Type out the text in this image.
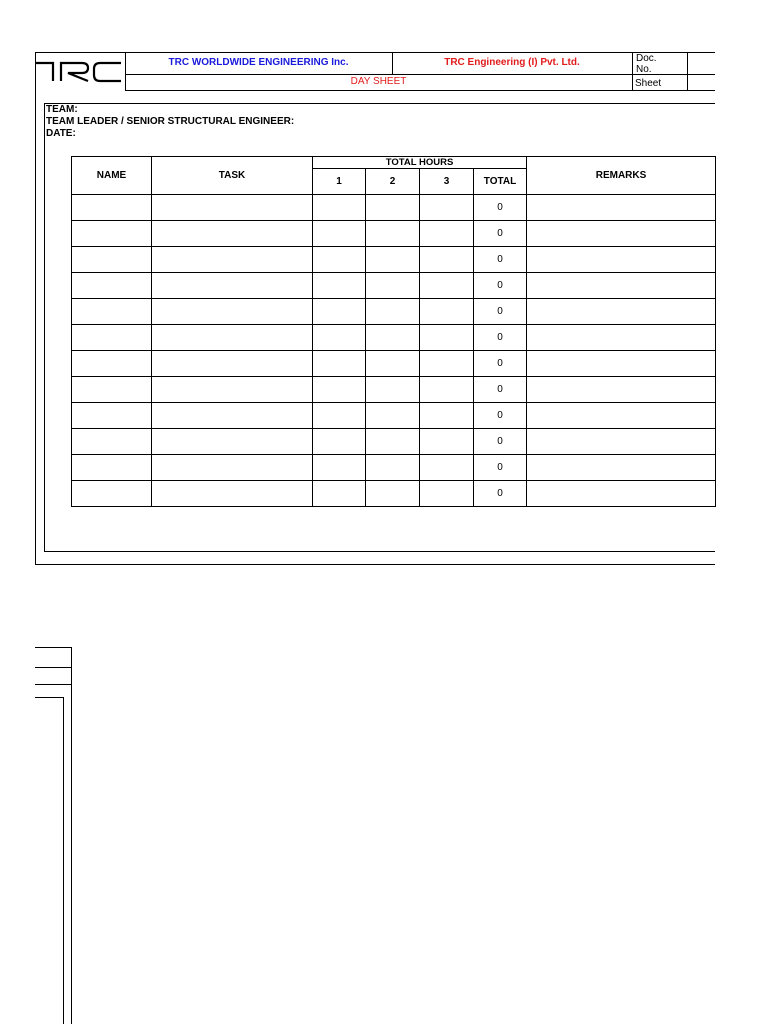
TRC WORLDWIDE ENGINEERING Inc.	TRC Engineering (I) Pvt. Ltd.
DAY SHEET
Doc. No.
Sheet
TEAM:
TEAM LEADER / SENIOR STRUCTURAL ENGINEER:
DATE:
NAME	TASK	TOTAL HOURS				REMARKS
		1	2	3	TOTAL	
					0	
					0	
					0	
					0	
					0	
					0	
					0	
					0	
					0	
					0	
					0	
					0	
